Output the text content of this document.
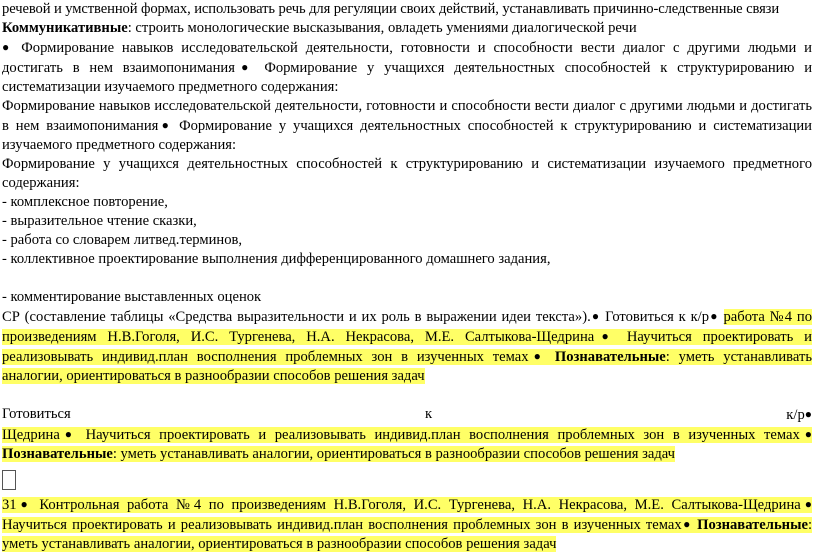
речевой и умственной формах, использовать речь для регуляции своих действий, устанавливать причинно-следственные связи

Коммуникативные: строить монологические высказывания, овладеть умениями диалогической речи

● Формирование навыков исследовательской деятельности, готовности и способности вести диалог с другими людьми и достигать в нем взаимопонимания● Формирование у учащихся деятельностных способностей к структурированию и систематизации изучаемого предметного содержания:

Формирование навыков исследовательской деятельности, готовности и способности вести диалог с другими людьми и достигать в нем взаимопонимания● Формирование у учащихся деятельностных способностей к структурированию и систематизации изучаемого предметного содержания:

Формирование у учащихся деятельностных способностей к структурированию и систематизации изучаемого предметного содержания:

- комплексное повторение,

- выразительное чтение сказки,

- работа со словарем литвед.терминов,

- коллективное проектирование выполнения дифференцированного домашнего задания,

- комментирование выставленных оценок

СР (составление таблицы «Средства выразительности и их роль в выражении идеи текста»).● Готовиться к к/р● работа №4 по произведениям Н.В.Гоголя, И.С. Тургенева, Н.А. Некрасова, М.Е. Салтыкова-Щедрина● Научиться проектировать и реализовывать индивид.план восполнения проблемных зон в изученных темах● Познавательные: уметь устанавливать аналогии, ориентироваться в разнообразии способов решения задач

Готовиться	к	к/р●

Щедрина● Научиться проектировать и реализовывать индивид.план восполнения проблемных зон в изученных темах● Познавательные: уметь устанавливать аналогии, ориентироваться в разнообразии способов решения задач

31● Контрольная работа №4 по произведениям Н.В.Гоголя, И.С. Тургенева, Н.А. Некрасова, М.Е. Салтыкова-Щедрина● Научиться проектировать и реализовывать индивид.план восполнения проблемных зон в изученных темах● Познавательные: уметь устанавливать аналогии, ориентироваться в разнообразии способов решения задач
